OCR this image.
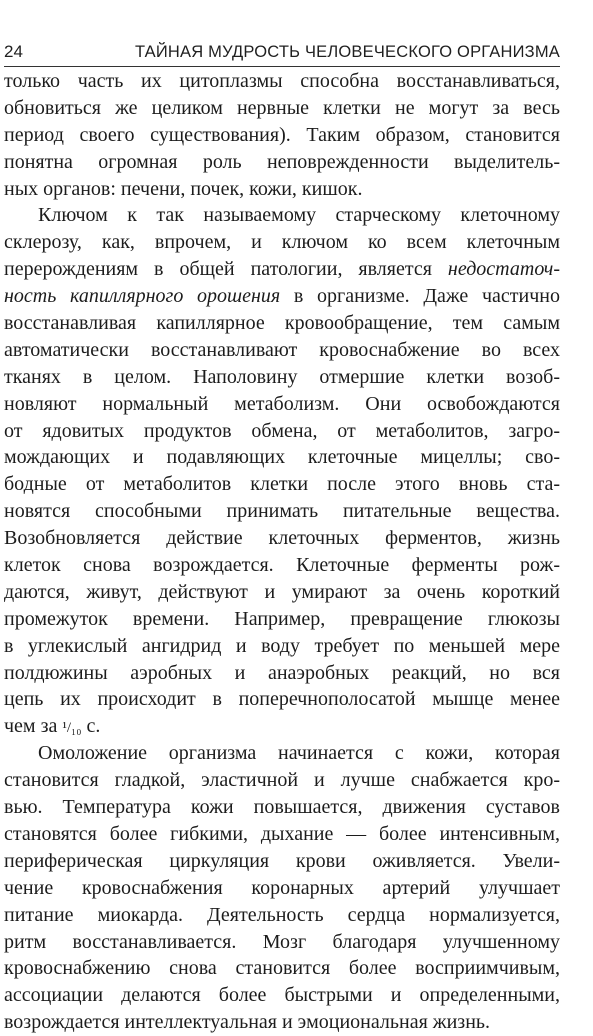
24	ТАЙНАЯ МУДРОСТЬ ЧЕЛОВЕЧЕСКОГО ОРГАНИЗМА
только часть их цитоплазмы способна восстанавливаться,
обновиться же целиком нервные клетки не могут за весь
период своего существования). Таким образом, становится
понятна огромная роль неповрежденности выделитель-
ных органов: печени, почек, кожи, кишок.
Ключом к так называемому старческому клеточному
склерозу, как, впрочем, и ключом ко всем клеточным
перерождениям в общей патологии, является недостаточ-
ность капиллярного орошения в организме. Даже частично
восстанавливая капиллярное кровообращение, тем самым
автоматически восстанавливают кровоснабжение во всех
тканях в целом. Наполовину отмершие клетки возоб-
новляют нормальный метаболизм. Они освобождаются
от ядовитых продуктов обмена, от метаболитов, загро-
мождающих и подавляющих клеточные мицеллы; сво-
бодные от метаболитов клетки после этого вновь ста-
новятся способными принимать питательные вещества.
Возобновляется действие клеточных ферментов, жизнь
клеток снова возрождается. Клеточные ферменты рож-
даются, живут, действуют и умирают за очень короткий
промежуток времени. Например, превращение глюкозы
в углекислый ангидрид и воду требует по меньшей мере
полдюжины аэробных и анаэробных реакций, но вся
цепь их происходит в поперечнополосатой мышце менее
чем за ¹/₁₀ с.
Омоложение организма начинается с кожи, которая
становится гладкой, эластичной и лучше снабжается кро-
вью. Температура кожи повышается, движения суставов
становятся более гибкими, дыхание — более интенсивным,
периферическая циркуляция крови оживляется. Увели-
чение кровоснабжения коронарных артерий улучшает
питание миокарда. Деятельность сердца нормализуется,
ритм восстанавливается. Мозг благодаря улучшенному
кровоснабжению снова становится более восприимчивым,
ассоциации делаются более быстрыми и определенными,
возрождается интеллектуальная и эмоциональная жизнь.
